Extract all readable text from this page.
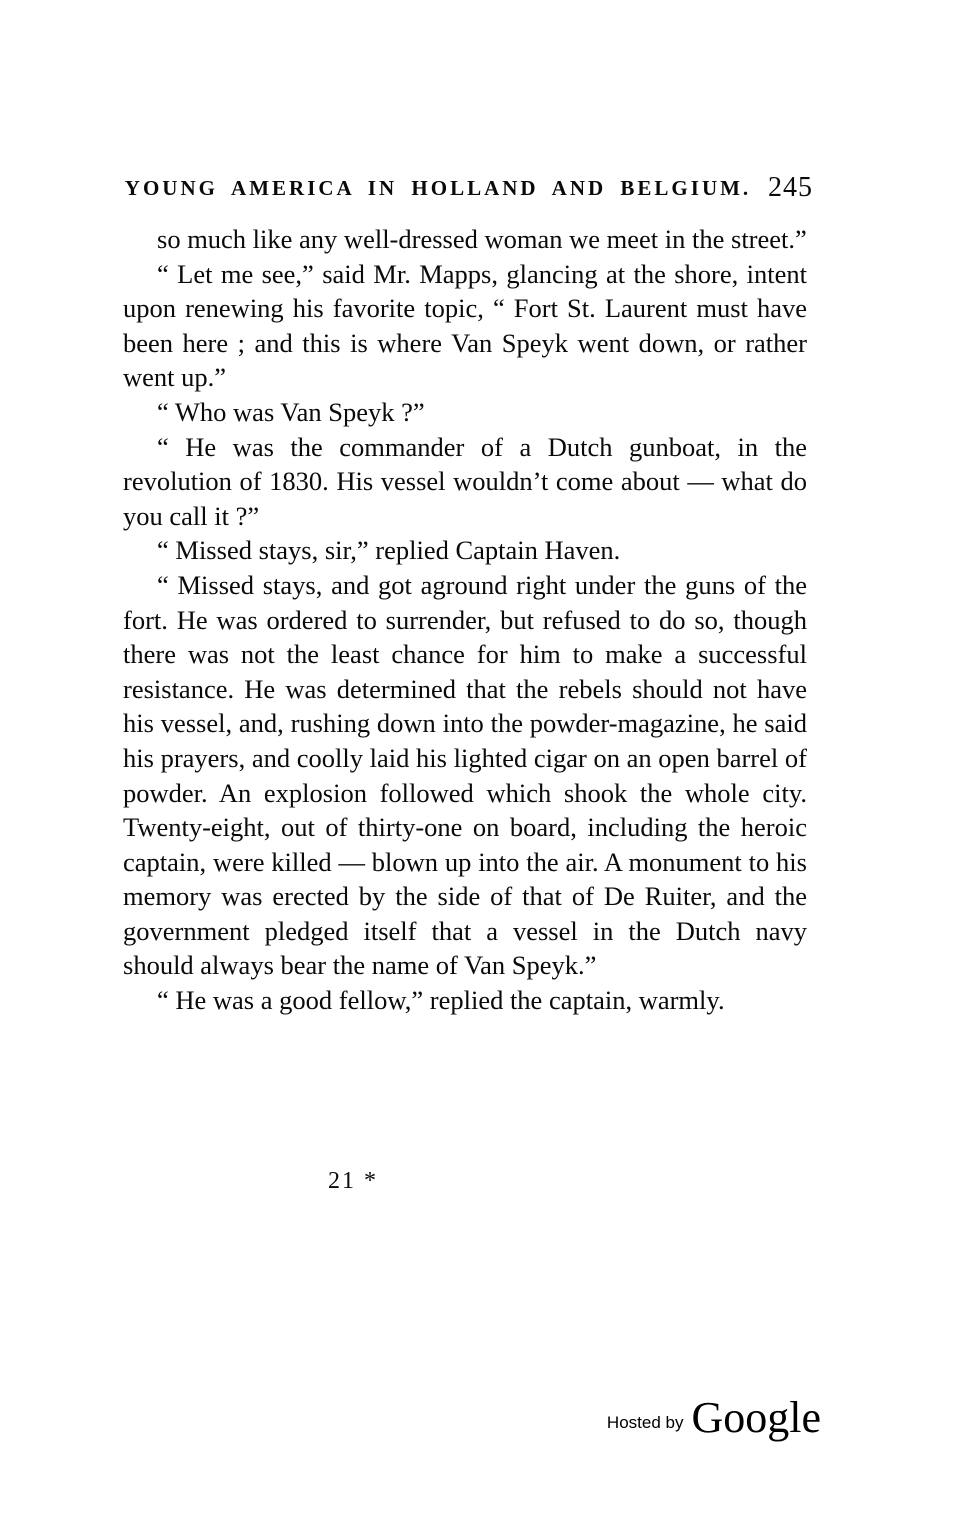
YOUNG AMERICA IN HOLLAND AND BELGIUM. 245

so much like any well-dressed woman we meet in the street.”

“ Let me see,” said Mr. Mapps, glancing at the shore, intent upon renewing his favorite topic, “ Fort St. Laurent must have been here ; and this is where Van Speyk went down, or rather went up.”

“ Who was Van Speyk ?”

“ He was the commander of a Dutch gunboat, in the revolution of 1830. His vessel wouldn’t come about — what do you call it ?”

“ Missed stays, sir,” replied Captain Haven.

“ Missed stays, and got aground right under the guns of the fort. He was ordered to surrender, but refused to do so, though there was not the least chance for him to make a successful resistance. He was determined that the rebels should not have his vessel, and, rushing down into the powder-magazine, he said his prayers, and coolly laid his lighted cigar on an open barrel of powder. An explosion followed which shook the whole city. Twenty-eight, out of thirty-one on board, including the heroic captain, were killed — blown up into the air. A monument to his memory was erected by the side of that of De Ruiter, and the government pledged itself that a vessel in the Dutch navy should always bear the name of Van Speyk.”

“ He was a good fellow,” replied the captain, warmly.

21 *
Hosted by Google
